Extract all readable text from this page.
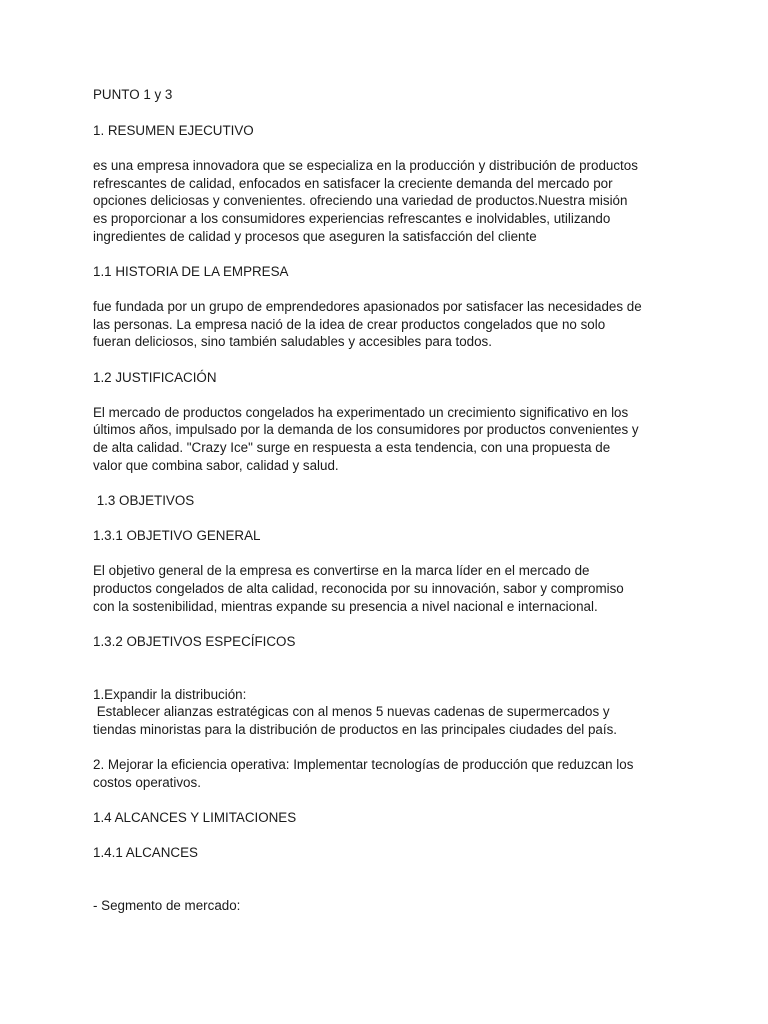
PUNTO 1 y 3
1. RESUMEN EJECUTIVO
es una empresa innovadora que se especializa en la producción y distribución de productos
refrescantes de calidad, enfocados en satisfacer la creciente demanda del mercado por
opciones deliciosas y convenientes. ofreciendo una variedad de productos.Nuestra misión
es proporcionar a los consumidores experiencias refrescantes e inolvidables, utilizando
ingredientes de calidad y procesos que aseguren la satisfacción del cliente
1.1 HISTORIA DE LA EMPRESA
fue fundada por un grupo de emprendedores apasionados por satisfacer las necesidades de
las personas. La empresa nació de la idea de crear productos congelados que no solo
fueran deliciosos, sino también saludables y accesibles para todos.
1.2 JUSTIFICACIÓN
El mercado de productos congelados ha experimentado un crecimiento significativo en los
últimos años, impulsado por la demanda de los consumidores por productos convenientes y
de alta calidad. "Crazy Ice" surge en respuesta a esta tendencia, con una propuesta de
valor que combina sabor, calidad y salud.
1.3 OBJETIVOS
1.3.1 OBJETIVO GENERAL
El objetivo general de la empresa es convertirse en la marca líder en el mercado de
productos congelados de alta calidad, reconocida por su innovación, sabor y compromiso
con la sostenibilidad, mientras expande su presencia a nivel nacional e internacional.
1.3.2 OBJETIVOS ESPECÍFICOS
1.Expandir la distribución:
Establecer alianzas estratégicas con al menos 5 nuevas cadenas de supermercados y
tiendas minoristas para la distribución de productos en las principales ciudades del país.
2. Mejorar la eficiencia operativa: Implementar tecnologías de producción que reduzcan los
costos operativos.
1.4 ALCANCES Y LIMITACIONES
1.4.1 ALCANCES
- Segmento de mercado:
